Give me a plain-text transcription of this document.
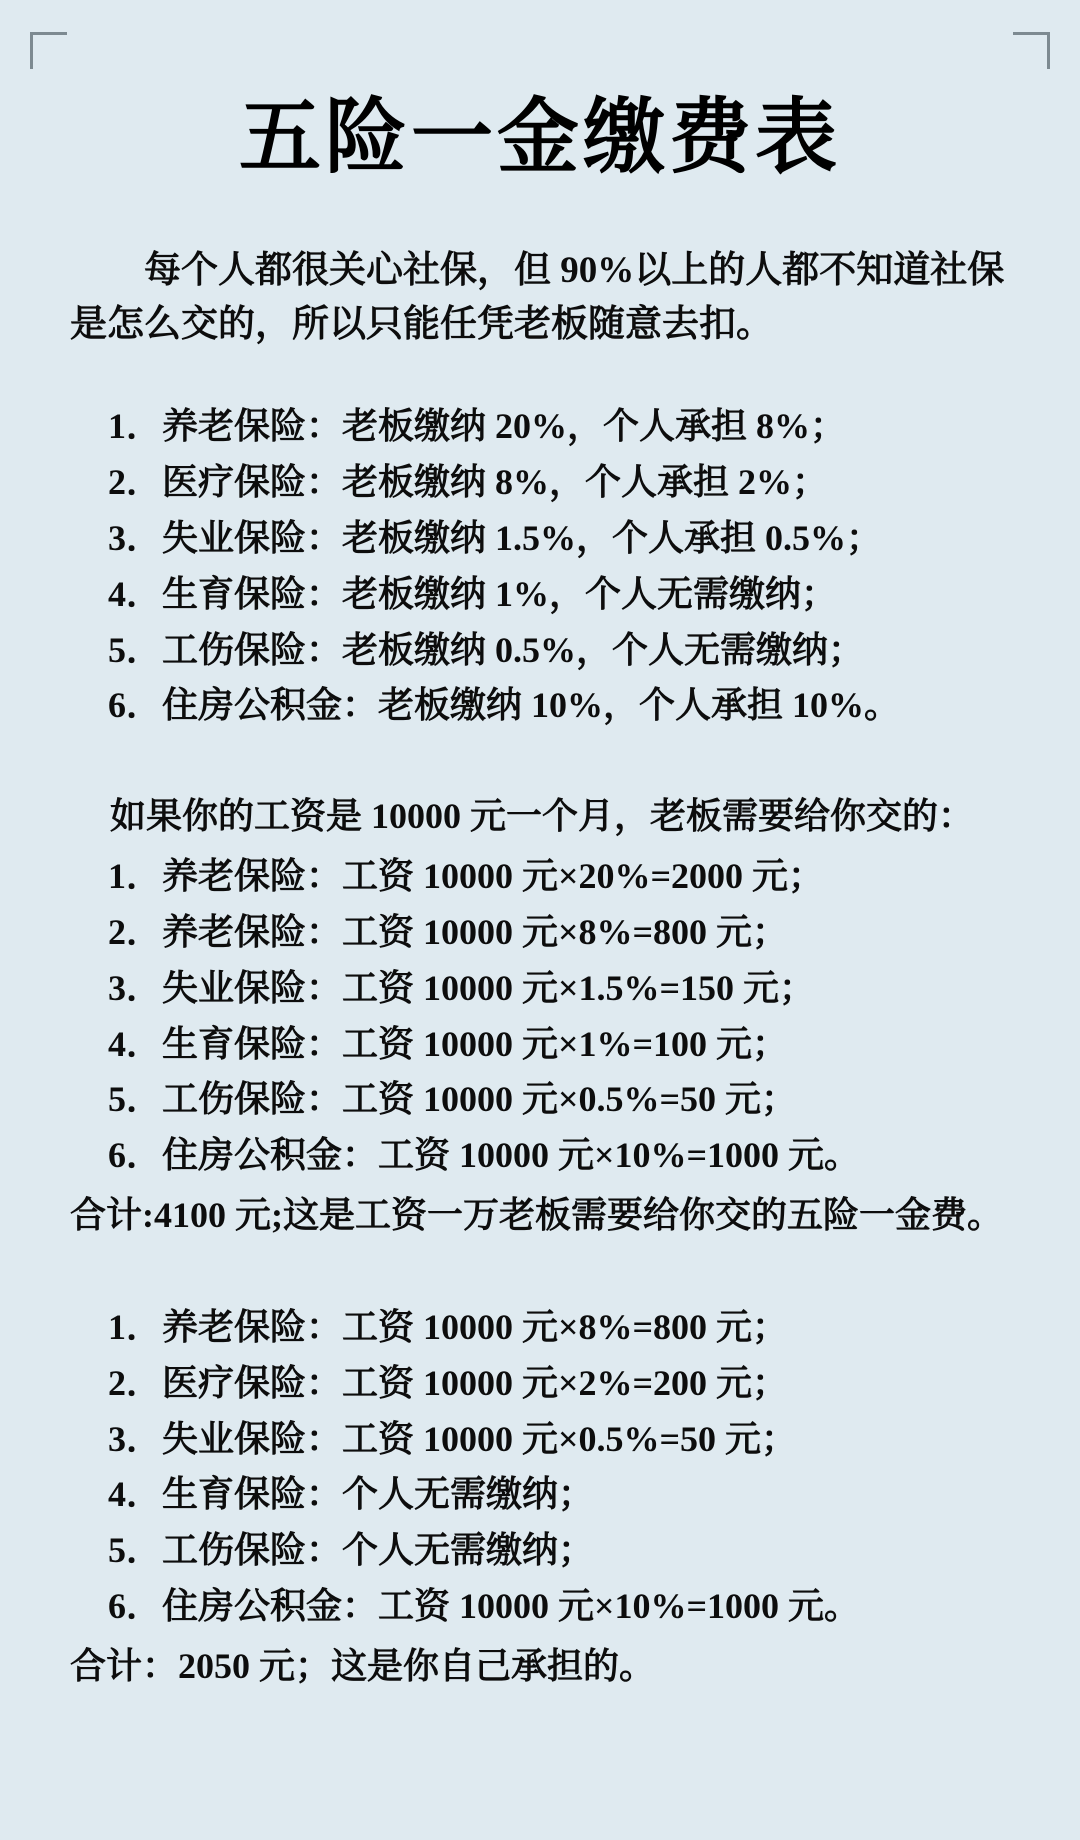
五险一金缴费表

每个人都很关心社保，但 90%以上的人都不知道社保是怎么交的，所以只能任凭老板随意去扣。

1．养老保险：老板缴纳 20%，个人承担 8%；
2．医疗保险：老板缴纳 8%，个人承担 2%；
3．失业保险：老板缴纳 1.5%，个人承担 0.5%；
4．生育保险：老板缴纳 1%，个人无需缴纳；
5．工伤保险：老板缴纳 0.5%，个人无需缴纳；
6．住房公积金：老板缴纳 10%，个人承担 10%。

如果你的工资是 10000 元一个月，老板需要给你交的：

1．养老保险：工资 10000 元×20%=2000 元；
2．养老保险：工资 10000 元×8%=800 元；
3．失业保险：工资 10000 元×1.5%=150 元；
4．生育保险：工资 10000 元×1%=100 元；
5．工伤保险：工资 10000 元×0.5%=50 元；
6．住房公积金：工资 10000 元×10%=1000 元。

合计:4100 元;这是工资一万老板需要给你交的五险一金费。

1．养老保险：工资 10000 元×8%=800 元；
2．医疗保险：工资 10000 元×2%=200 元；
3．失业保险：工资 10000 元×0.5%=50 元；
4．生育保险：个人无需缴纳；
5．工伤保险：个人无需缴纳；
6．住房公积金：工资 10000 元×10%=1000 元。

合计：2050 元；这是你自己承担的。
